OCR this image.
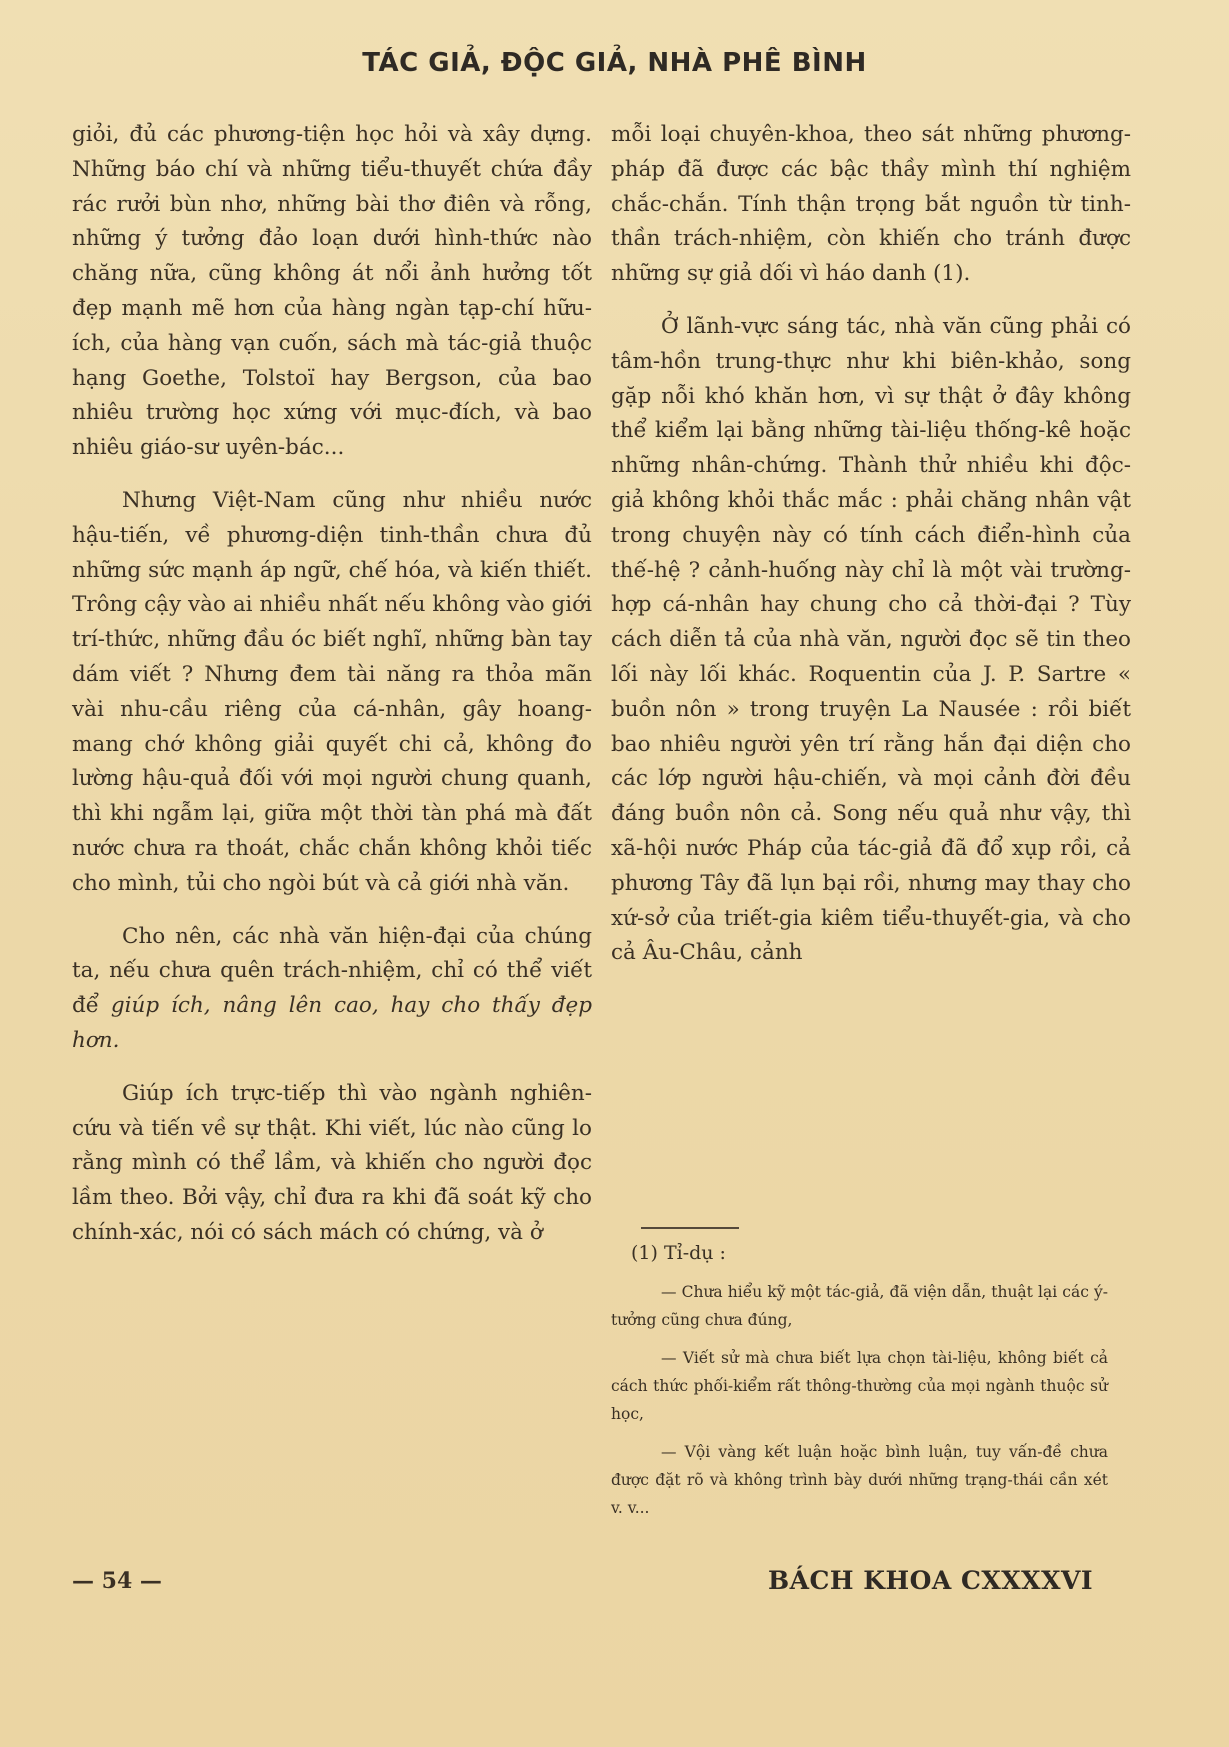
TÁC GIẢ, ĐỘC GIẢ, NHÀ PHÊ BÌNH

giỏi, đủ các phương-tiện học hỏi và xây dựng. Những báo chí và những tiểu-thuyết chứa đầy rác rưởi bùn nhơ, những bài thơ điên và rỗng, những ý tưởng đảo loạn dưới hình-thức nào chăng nữa, cũng không át nổi ảnh hưởng tốt đẹp mạnh mẽ hơn của hàng ngàn tạp-chí hữu-ích, của hàng vạn cuốn, sách mà tác-giả thuộc hạng Goethe, Tolstoï hay Bergson, của bao nhiêu trường học xứng với mục-đích, và bao nhiêu giáo-sư uyên-bác...

Nhưng Việt-Nam cũng như nhiều nước hậu-tiến, về phương-diện tinh-thần chưa đủ những sức mạnh áp ngữ, chế hóa, và kiến thiết. Trông cậy vào ai nhiều nhất nếu không vào giới trí-thức, những đầu óc biết nghĩ, những bàn tay dám viết ? Nhưng đem tài năng ra thỏa mãn vài nhu-cầu riêng của cá-nhân, gây hoang-mang chớ không giải quyết chi cả, không đo lường hậu-quả đối với mọi người chung quanh, thì khi ngẫm lại, giữa một thời tàn phá mà đất nước chưa ra thoát, chắc chắn không khỏi tiếc cho mình, tủi cho ngòi bút và cả giới nhà văn.

Cho nên, các nhà văn hiện-đại của chúng ta, nếu chưa quên trách-nhiệm, chỉ có thể viết để giúp ích, nâng lên cao, hay cho thấy đẹp hơn.

Giúp ích trực-tiếp thì vào ngành nghiên-cứu và tiến về sự thật. Khi viết, lúc nào cũng lo rằng mình có thể lầm, và khiến cho người đọc lầm theo. Bởi vậy, chỉ đưa ra khi đã soát kỹ cho chính-xác, nói có sách mách có chứng, và ở

mỗi loại chuyên-khoa, theo sát những phương-pháp đã được các bậc thầy mình thí nghiệm chắc-chắn. Tính thận trọng bắt nguồn từ tinh-thần trách-nhiệm, còn khiến cho tránh được những sự giả dối vì háo danh (1).

Ở lãnh-vực sáng tác, nhà văn cũng phải có tâm-hồn trung-thực như khi biên-khảo, song gặp nỗi khó khăn hơn, vì sự thật ở đây không thể kiểm lại bằng những tài-liệu thống-kê hoặc những nhân-chứng. Thành thử nhiều khi độc-giả không khỏi thắc mắc : phải chăng nhân vật trong chuyện này có tính cách điển-hình của thế-hệ ? cảnh-huống này chỉ là một vài trường-hợp cá-nhân hay chung cho cả thời-đại ? Tùy cách diễn tả của nhà văn, người đọc sẽ tin theo lối này lối khác. Roquentin của J. P. Sartre « buồn nôn » trong truyện La Nausée : rồi biết bao nhiêu người yên trí rằng hắn đại diện cho các lớp người hậu-chiến, và mọi cảnh đời đều đáng buồn nôn cả. Song nếu quả như vậy, thì xã-hội nước Pháp của tác-giả đã đổ xụp rồi, cả phương Tây đã lụn bại rồi, nhưng may thay cho xứ-sở của triết-gia kiêm tiểu-thuyết-gia, và cho cả Âu-Châu, cảnh

(1) Tỉ-dụ :

— Chưa hiểu kỹ một tác-giả, đã viện dẫn, thuật lại các ý-tưởng cũng chưa đúng,

— Viết sử mà chưa biết lựa chọn tài-liệu, không biết cả cách thức phối-kiểm rất thông-thường của mọi ngành thuộc sử học,

— Vội vàng kết luận hoặc bình luận, tuy vấn-đề chưa được đặt rõ và không trình bày dưới những trạng-thái cần xét v. v...

— 54 —	BÁCH KHOA CXXXXVI
